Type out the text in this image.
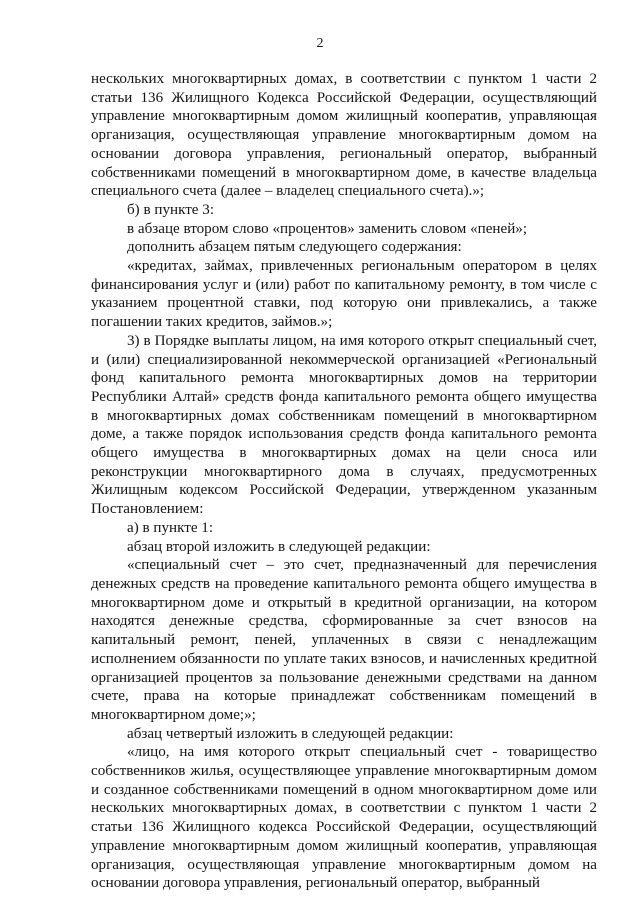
2

нескольких многоквартирных домах, в соответствии с пунктом 1 части 2 статьи 136 Жилищного Кодекса Российской Федерации, осуществляющий управление многоквартирным домом жилищный кооператив, управляющая организация, осуществляющая управление многоквартирным домом на основании договора управления, региональный оператор, выбранный собственниками помещений в многоквартирном доме, в качестве владельца специального счета (далее – владелец специального счета).»;

б) в пункте 3:

в абзаце втором слово «процентов» заменить словом «пеней»;

дополнить абзацем пятым следующего содержания:

«кредитах, займах, привлеченных региональным оператором в целях финансирования услуг и (или) работ по капитальному ремонту, в том числе с указанием процентной ставки, под которую они привлекались, а также погашении таких кредитов, займов.»;

3) в Порядке выплаты лицом, на имя которого открыт специальный счет, и (или) специализированной некоммерческой организацией «Региональный фонд капитального ремонта многоквартирных домов на территории Республики Алтай» средств фонда капитального ремонта общего имущества в многоквартирных домах собственникам помещений в многоквартирном доме, а также порядок использования средств фонда капитального ремонта общего имущества в многоквартирных домах на цели сноса или реконструкции многоквартирного дома в случаях, предусмотренных Жилищным кодексом Российской Федерации, утвержденном указанным Постановлением:

а) в пункте 1:

абзац второй изложить в следующей редакции:

«специальный счет – это счет, предназначенный для перечисления денежных средств на проведение капитального ремонта общего имущества в многоквартирном доме и открытый в кредитной организации, на котором находятся денежные средства, сформированные за счет взносов на капитальный ремонт, пеней, уплаченных в связи с ненадлежащим исполнением обязанности по уплате таких взносов, и начисленных кредитной организацией процентов за пользование денежными средствами на данном счете, права на которые принадлежат собственникам помещений в многоквартирном доме;»;

абзац четвертый изложить в следующей редакции:

«лицо, на имя которого открыт специальный счет - товарищество собственников жилья, осуществляющее управление многоквартирным домом и созданное собственниками помещений в одном многоквартирном доме или нескольких многоквартирных домах, в соответствии с пунктом 1 части 2 статьи 136 Жилищного кодекса Российской Федерации, осуществляющий управление многоквартирным домом жилищный кооператив, управляющая организация, осуществляющая управление многоквартирным домом на основании договора управления, региональный оператор, выбранный
